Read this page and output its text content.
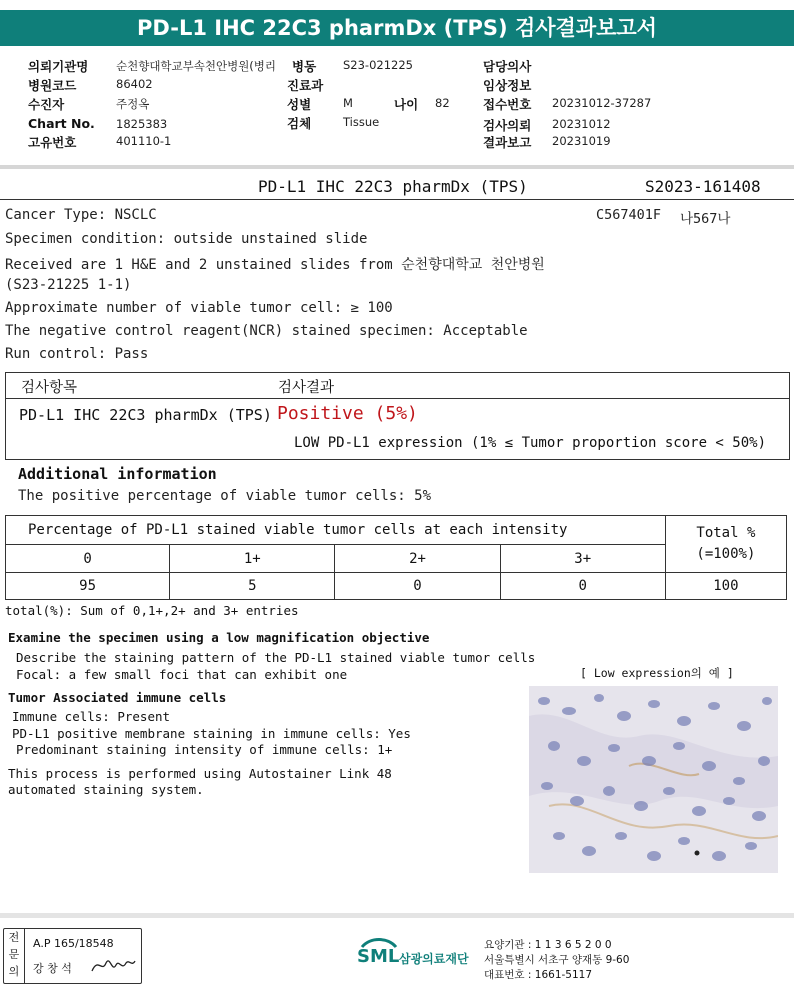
PD-L1 IHC 22C3 pharmDx (TPS) 검사결과보고서
의뢰기관명 순천향대학교부속천안병원(병리
병원코드	86402
수진자	주정옥
Chart No. 1825383
고유번호	401110-1
병동 S23-021225
진료과
성별	M	나이 82
검체	Tissue
담당의사
임상정보
접수번호 20231012-37287
검사의뢰 20231012
결과보고 20231019
PD-L1 IHC 22C3 pharmDx (TPS)	S2023-161408
C567401F 나567나
Cancer Type: NSCLC
Specimen condition: outside unstained slide
Received are 1 H&E and 2 unstained slides from 순천향대학교 천안병원
(S23-21225 1-1)
Approximate number of viable tumor cell: ≥ 100
The negative control reagent(NCR) stained specimen: Acceptable
Run control: Pass
검사항목	검사결과
PD-L1 IHC 22C3 pharmDx (TPS) Positive (5%)
LOW PD-L1 expression (1% ≤ Tumor proportion score < 50%)
Additional information
The positive percentage of viable tumor cells: 5%
Percentage of PD-L1 stained viable tumor cells at each intensity				Total %
(=100%)

0	1+	2+	3+	
95	5	0	0	100
total(%): Sum of 0,1+,2+ and 3+ entries
Examine the specimen using a low magnification objective
Describe the staining pattern of the PD-L1 stained viable tumor cells
Focal: a few small foci that can exhibit one	[ Low expression의 예 ]
Tumor Associated immune cells
Immune cells: Present
PD-L1 positive membrane staining in immune cells: Yes
Predominant staining intensity of immune cells: 1+
This process is performed using Autostainer Link 48
automated staining system.
전
문
의
A.P 165/18548
강 창 석
SML 삼광의료재단
요양기관 : 1 1 3 6 5 2 0 0
서울특별시 서초구 양재동 9-60
대표번호 : 1661-5117
